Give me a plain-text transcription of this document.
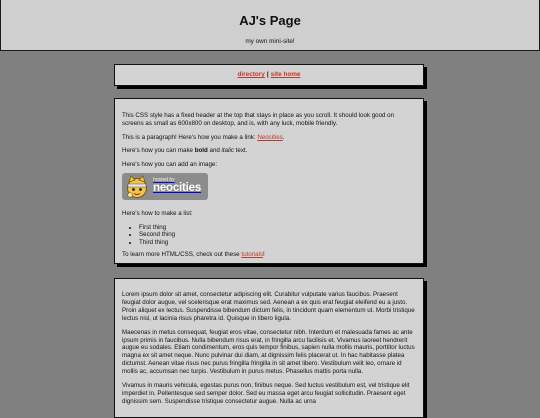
AJ's Page
my own mini-site!
directory | site home

This CSS style has a fixed header at the top that stays in place as you scroll. It should look good on screens as small as 600x800 on desktop, and is, with any luck, mobile friendly.

This is a paragraph! Here's how you make a link: Neocities.

Here's how you can make bold and italic text.

Here's how you can add an image:

hosted by
neocities

Here's how to make a list:

• First thing
• Second thing
• Third thing

To learn more HTML/CSS, check out these tutorials!

Lorem ipsum dolor sit amet, consectetur adipiscing elit. Curabitur vulputate varius faucibus. Praesent feugiat dolor augue, vel scelerisque erat maximus sed. Aenean a ex quis erat feugiat eleifend eu a justo. Proin aliquet ex lectus. Suspendisse bibendum dictum felis, in tincidunt quam elementum ut. Morbi tristique lectus nisl, ut lacinia risus pharetra id. Quisque in libero ligula.

Maecenas in metus consequat, feugiat eros vitae, consectetur nibh. Interdum et malesuada fames ac ante ipsum primis in faucibus. Nulla bibendum risus erat, in fringilla arcu facilisis et. Vivamus laoreet hendrerit augue eu sodales. Etiam condimentum, eros quis tempor finibus, sapien nulla mollis mauris, porttitor luctus magna ex sit amet neque. Nunc pulvinar dui diam, at dignissim felis placerat ut. In hac habitasse platea dictumst. Aenean vitae risus nec purus fringilla fringilla in sit amet libero. Vestibulum velit leo, ornare id mollis ac, accumsan nec turpis. Vestibulum in purus metus. Phasellus mattis porta nulla.

Vivamus in mauris vehicula, egestas purus non, finibus neque. Sed luctus vestibulum est, vel tristique elit imperdiet in. Pellentesque sed semper dolor. Sed eu massa eget arcu feugiat sollicitudin. Praesent eget dignissim sem. Suspendisse tristique consectetur augue. Nulla ac urna
